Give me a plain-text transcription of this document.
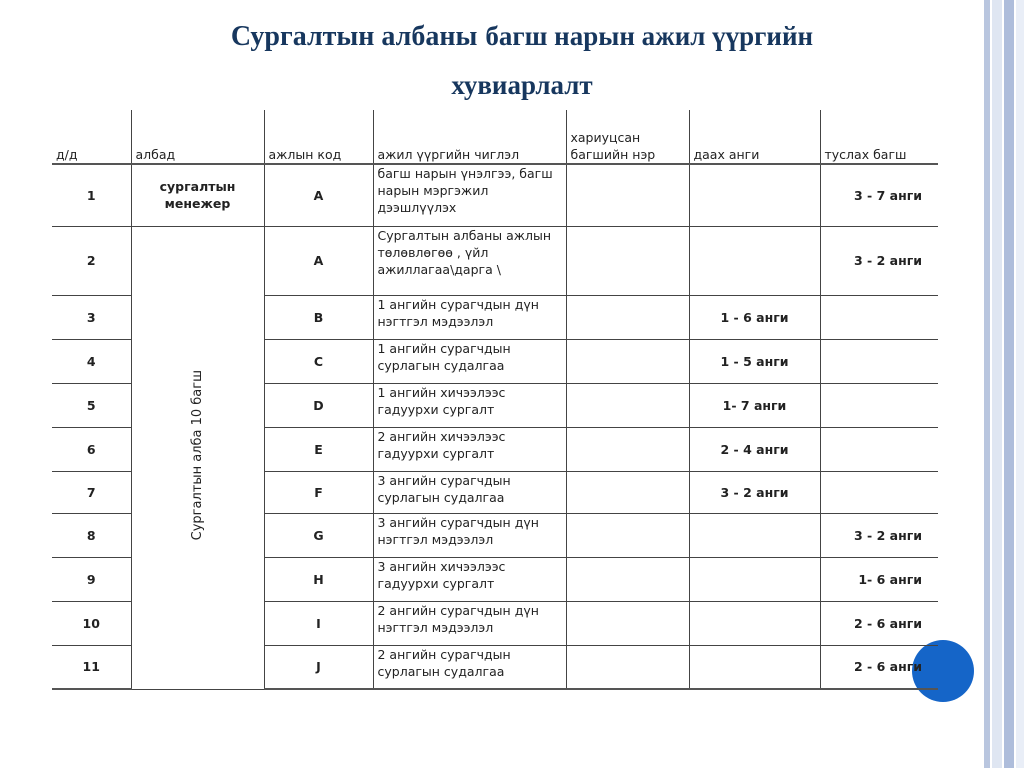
Сургалтын албаны багш нарын ажил үүргийн
хувиарлалт
д/д	албад	ажлын код	ажил үүргийн чиглэл	хариуцсан багшийн нэр	даах анги	туслах багш
1	сургалтын менежер	A	багш нарын үнэлгээ, багш нарын мэргэжил дээшлүүлэх			3 - 7 анги
2	Сургалтын алба 10 багш	A	Сургалтын албаны ажлын төлөвлөгөө , үйл ажиллагаа\дарга \			3 - 2 анги
3		B	1 ангийн сурагчдын дүн нэгтгэл мэдээлэл		1 - 6 анги	
4		C	1 ангийн сурагчдын сурлагын судалгаа		1 - 5 анги	
5		D	1 ангийн хичээлээс гадуурхи сургалт		1- 7 анги	
6		E	2 ангийн хичээлээс гадуурхи сургалт		2 - 4 анги	
7		F	3 ангийн сурагчдын сурлагын судалгаа		3 - 2 анги	
8		G	3 ангийн сурагчдын дүн нэгтгэл мэдээлэл			3 - 2 анги
9		H	3 ангийн хичээлээс гадуурхи сургалт			1- 6 анги
10		I	2 ангийн сурагчдын дүн нэгтгэл мэдээлэл			2 - 6 анги
11		J	2 ангийн сурагчдын сурлагын судалгаа			2 - 6 анги
